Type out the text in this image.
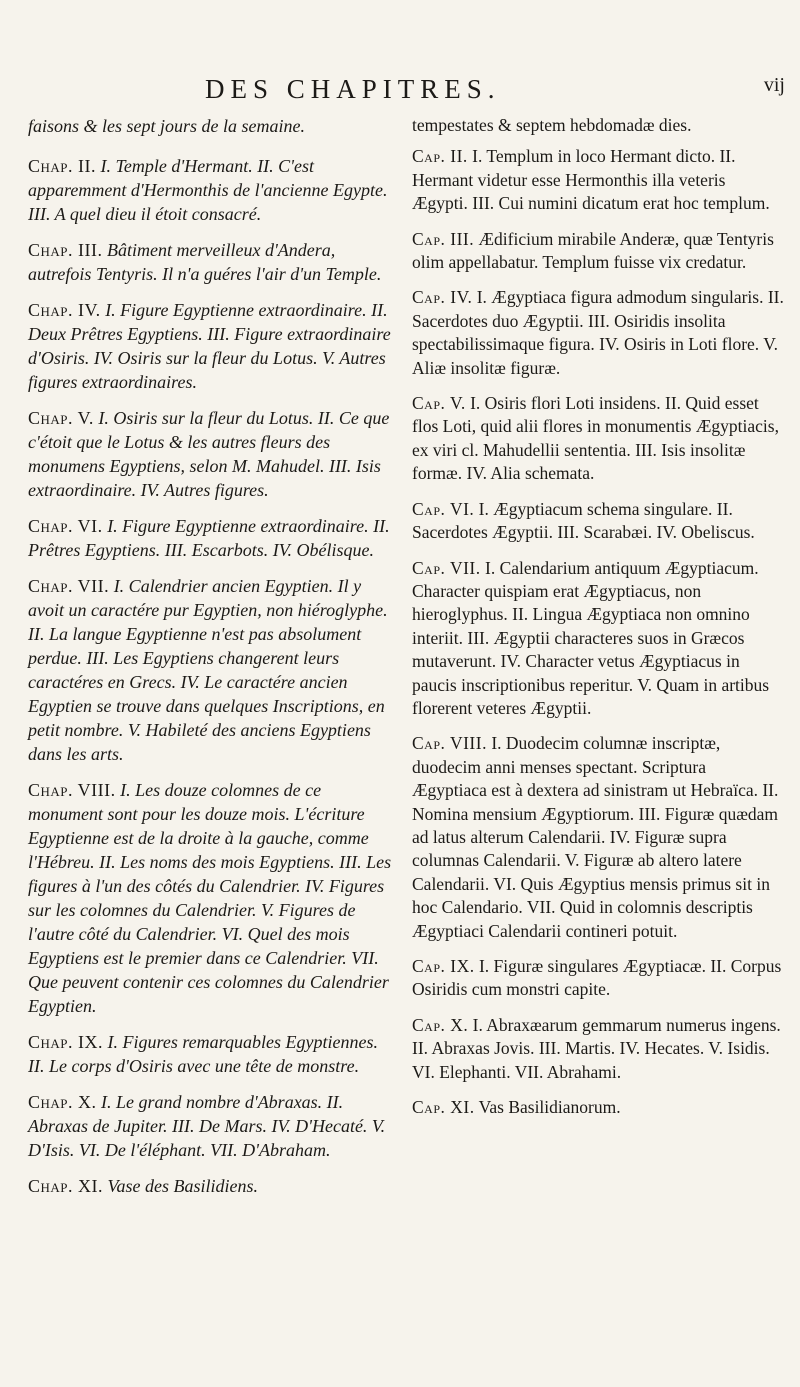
DES CHAPITRES.	vij
faisons & les sept jours de la semaine.

Chap. II. I. Temple d'Hermant. II. C'est apparemment d'Hermonthis de l'ancienne Egypte. III. A quel dieu il étoit consacré.

Chap. III. Bâtiment merveilleux d'Andera, autrefois Tentyris. Il n'a guéres l'air d'un Temple.

Chap. IV. I. Figure Egyptienne extraordinaire. II. Deux Prêtres Egyptiens. III. Figure extraordinaire d'Osiris. IV. Osiris sur la fleur du Lotus. V. Autres figures extraordinaires.

Chap. V. I. Osiris sur la fleur du Lotus. II. Ce que c'étoit que le Lotus & les autres fleurs des monumens Egyptiens, selon M. Mahudel. III. Isis extraordinaire. IV. Autres figures.

Chap. VI. I. Figure Egyptienne extraordinaire. II. Prêtres Egyptiens. III. Escarbots. IV. Obélisque.

Chap. VII. I. Calendrier ancien Egyptien. Il y avoit un caractére pur Egyptien, non hiéroglyphe. II. La langue Egyptienne n'est pas absolument perdue. III. Les Egyptiens changerent leurs caractéres en Grecs. IV. Le caractére ancien Egyptien se trouve dans quelques Inscriptions, en petit nombre. V. Habileté des anciens Egyptiens dans les arts.

Chap. VIII. I. Les douze colomnes de ce monument sont pour les douze mois. L'écriture Egyptienne est de la droite à la gauche, comme l'Hébreu. II. Les noms des mois Egyptiens. III. Les figures à l'un des côtés du Calendrier. IV. Figures sur les colomnes du Calendrier. V. Figures de l'autre côté du Calendrier. VI. Quel des mois Egyptiens est le premier dans ce Calendrier. VII. Que peuvent contenir ces colomnes du Calendrier Egyptien.

Chap. IX. I. Figures remarquables Egyptiennes. II. Le corps d'Osiris avec une tête de monstre.

Chap. X. I. Le grand nombre d'Abraxas. II. Abraxas de Jupiter. III. De Mars. IV. D'Hecaté. V. D'Isis. VI. De l'éléphant. VII. D'Abraham.

Chap. XI. Vase des Basilidiens.

tempestates & septem hebdomadæ dies.

Cap. II. I. Templum in loco Hermant dicto. II. Hermant videtur esse Hermonthis illa veteris Ægypti. III. Cui numini dicatum erat hoc templum.

Cap. III. Ædificium mirabile Anderæ, quæ Tentyris olim appellabatur. Templum fuisse vix credatur.

Cap. IV. I. Ægyptiaca figura admodum singularis. II. Sacerdotes duo Ægyptii. III. Osiridis insolita spectabilissimaque figura. IV. Osiris in Loti flore. V. Aliæ insolitæ figuræ.

Cap. V. I. Osiris flori Loti insidens. II. Quid esset flos Loti, quid alii flores in monumentis Ægyptiacis, ex viri cl. Mahudellii sententia. III. Isis insolitæ formæ. IV. Alia schemata.

Cap. VI. I. Ægyptiacum schema singulare. II. Sacerdotes Ægyptii. III. Scarabæi. IV. Obeliscus.

Cap. VII. I. Calendarium antiquum Ægyptiacum. Character quispiam erat Ægyptiacus, non hieroglyphus. II. Lingua Ægyptiaca non omnino interiit. III. Ægyptii characteres suos in Græcos mutaverunt. IV. Character vetus Ægyptiacus in paucis inscriptionibus reperitur. V. Quam in artibus florerent veteres Ægyptii.

Cap. VIII. I. Duodecim columnæ inscriptæ, duodecim anni menses spectant. Scriptura Ægyptiaca est à dextera ad sinistram ut Hebraïca. II. Nomina mensium Ægyptiorum. III. Figuræ quædam ad latus alterum Calendarii. IV. Figuræ supra columnas Calendarii. V. Figuræ ab altero latere Calendarii. VI. Quis Ægyptius mensis primus sit in hoc Calendario. VII. Quid in colomnis descriptis Ægyptiaci Calendarii contineri potuit.

Cap. IX. I. Figuræ singulares Ægyptiacæ. II. Corpus Osiridis cum monstri capite.

Cap. X. I. Abraxæarum gemmarum numerus ingens. II. Abraxas Jovis. III. Martis. IV. Hecates. V. Isidis. VI. Elephanti. VII. Abrahami.

Cap. XI. Vas Basilidianorum.
